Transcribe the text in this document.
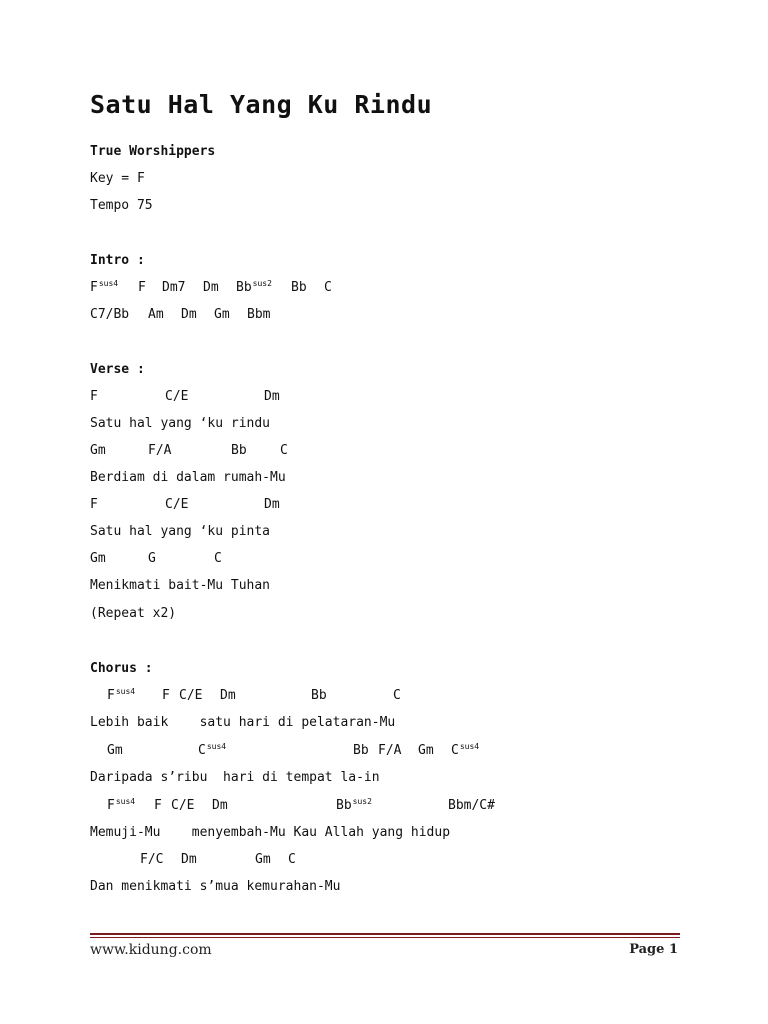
Satu Hal Yang Ku Rindu
True Worshippers
Key = F
Tempo 75
Intro :
$F^{sus4}$ F Dm7 Dm $Bb^{sus2}$ Bb C
C7/Bb Am Dm Gm Bbm
Verse :
F	C/E	Dm
Satu hal yang ‘ku rindu
Gm	F/A	Bb	C
Berdiam di dalam rumah-Mu
F	C/E	Dm
Satu hal yang ‘ku pinta
Gm	G	C
Menikmati bait-Mu Tuhan
(Repeat x2)
Chorus :
$F^{sus4}$ F C/E Dm	Bb	C
Lebih baik    satu hari di pelataran-Mu
Gm	$C^{sus4}$	Bb F/A Gm $C^{sus4}$
Daripada s’ribu  hari di tempat la-in
$F^{sus4}$ F C/E Dm	$Bb^{sus2}$	Bbm/C#
Memuji-Mu    menyembah-Mu Kau Allah yang hidup
F/C Dm	Gm C
Dan menikmati s’mua kemurahan-Mu
www.kidung.com	Page 1
